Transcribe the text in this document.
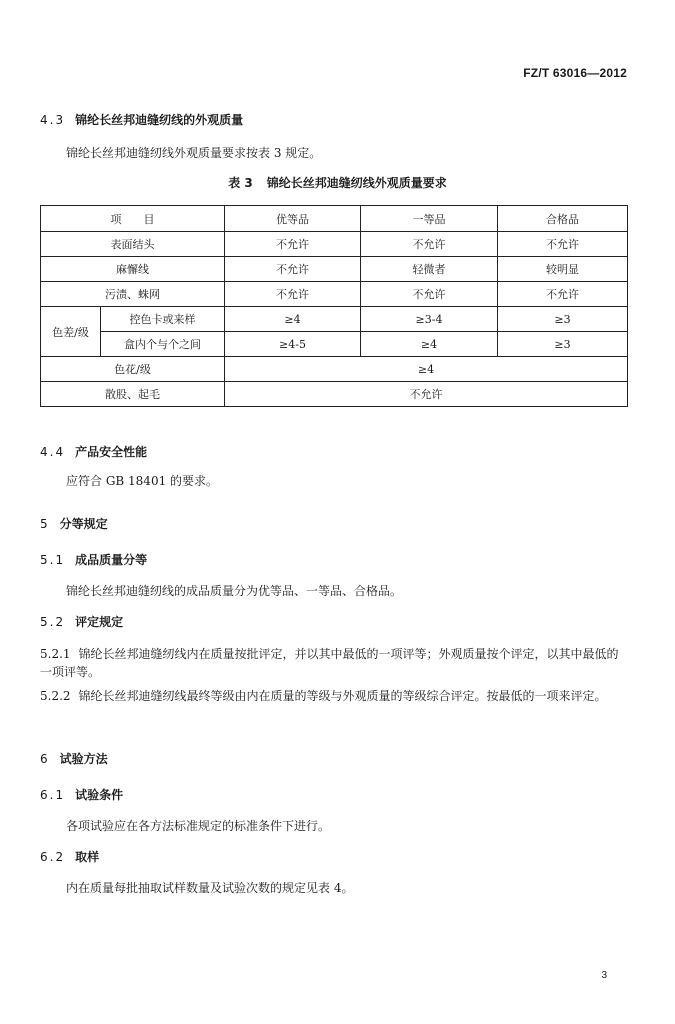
FZ/T 63016—2012
4.3 锦纶长丝邦迪缝纫线的外观质量
锦纶长丝邦迪缝纫线外观质量要求按表 3 规定。
表 3 锦纶长丝邦迪缝纫线外观质量要求
项　　目		优等品	一等品	合格品
表面结头		不允许	不允许	不允许
麻懈线		不允许	轻微者	较明显
污渍、蛛网		不允许	不允许	不允许
色差/级	控色卡或来样	≥4	≥3-4	≥3
	盒内个与个之间	≥4-5	≥4	≥3
色花/级		≥4		
散股、起毛		不允许		
4.4 产品安全性能
应符合 GB 18401 的要求。
5 分等规定
5.1 成品质量分等
锦纶长丝邦迪缝纫线的成品质量分为优等品、一等品、合格品。
5.2 评定规定
5.2.1 锦纶长丝邦迪缝纫线内在质量按批评定，并以其中最低的一项评等；外观质量按个评定，以其中最低的一项评等。
5.2.2 锦纶长丝邦迪缝纫线最终等级由内在质量的等级与外观质量的等级综合评定。按最低的一项来评定。
6 试验方法
6.1 试验条件
各项试验应在各方法标准规定的标准条件下进行。
6.2 取样
内在质量每批抽取试样数量及试验次数的规定见表 4。
3
